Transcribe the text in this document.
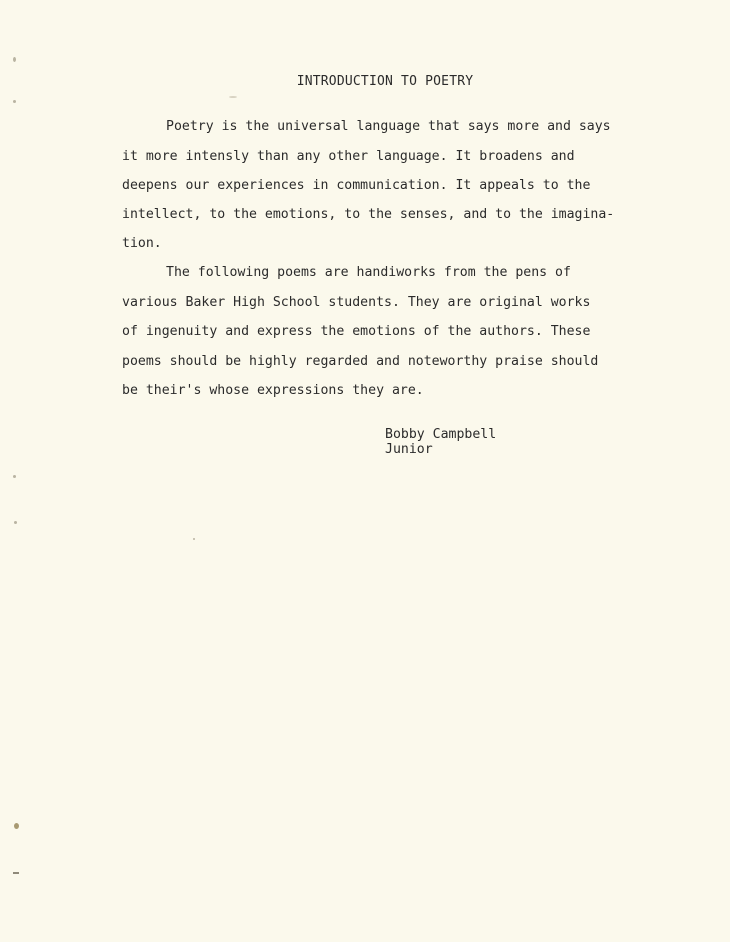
INTRODUCTION TO POETRY
Poetry is the universal language that says more and says
it more intensly than any other language. It broadens and
deepens our experiences in communication. It appeals to the
intellect, to the emotions, to the senses, and to the imagina-
tion.
The following poems are handiworks from the pens of
various Baker High School students. They are original works
of ingenuity and express the emotions of the authors. These
poems should be highly regarded and noteworthy praise should
be their's whose expressions they are.
Bobby Campbell
Junior
